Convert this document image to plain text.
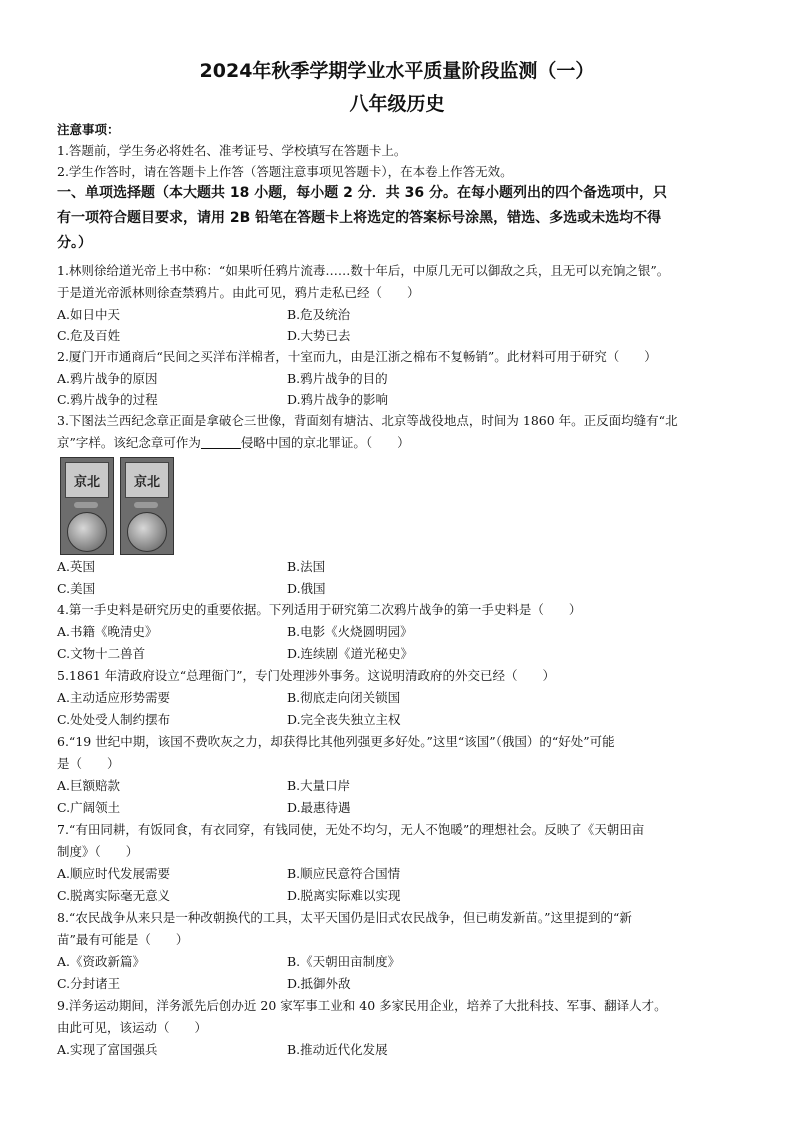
2024年秋季学期学业水平质量阶段监测（一）
八年级历史
注意事项：
1.答题前，学生务必将姓名、准考证号、学校填写在答题卡上。
2.学生作答时，请在答题卡上作答（答题注意事项见答题卡），在本卷上作答无效。
一、单项选择题（本大题共 18 小题，每小题 2 分．共 36 分。在每小题列出的四个备选项中，只
有一项符合题目要求，请用 2B 铅笔在答题卡上将选定的答案标号涂黑，错选、多选或未选均不得
分。）
1.林则徐给道光帝上书中称：“如果听任鸦片流毒……数十年后，中原几无可以御敌之兵，且无可以充饷之银”。
于是道光帝派林则徐查禁鸦片。由此可见，鸦片走私已经（　　）
A.如日中天	B.危及统治
C.危及百姓	D.大势已去
2.厦门开市通商后“民间之买洋布洋棉者，十室而九，由是江浙之棉布不复畅销”。此材料可用于研究（　　）
A.鸦片战争的原因	B.鸦片战争的目的
C.鸦片战争的过程	D.鸦片战争的影响
3.下图法兰西纪念章正面是拿破仑三世像，背面刻有塘沽、北京等战役地点，时间为 1860 年。正反面均缝有“北
京”字样。该纪念章可作为	侵略中国的京北罪证。（　　）
京北	京北
A.英国	B.法国
C.美国	D.俄国
4.第一手史料是研究历史的重要依据。下列适用于研究第二次鸦片战争的第一手史料是（　　）
A.书籍《晚清史》	B.电影《火烧圆明园》
C.文物十二兽首	D.连续剧《道光秘史》
5.1861 年清政府设立“总理衙门”，专门处理涉外事务。这说明清政府的外交已经（　　）
A.主动适应形势需要	B.彻底走向闭关锁国
C.处处受人制约摆布	D.完全丧失独立主权
6.“19 世纪中期，该国不费吹灰之力，却获得比其他列强更多好处。”这里“该国”（俄国）的“好处”可能
是（　　）
A.巨额赔款	B.大量口岸
C.广阔领土	D.最惠待遇
7.“有田同耕，有饭同食，有衣同穿，有钱同使，无处不均匀，无人不饱暖”的理想社会。反映了《天朝田亩
制度》（　　）
A.顺应时代发展需要	B.顺应民意符合国情
C.脱离实际毫无意义	D.脱离实际难以实现
8.“农民战争从来只是一种改朝换代的工具，太平天国仍是旧式农民战争，但已萌发新苗。”这里提到的“新
苗”最有可能是（　　）
A.《资政新篇》	B.《天朝田亩制度》
C.分封诸王	D.抵御外敌
9.洋务运动期间，洋务派先后创办近 20 家军事工业和 40 多家民用企业，培养了大批科技、军事、翻译人才。
由此可见，该运动（　　）
A.实现了富国强兵	B.推动近代化发展
